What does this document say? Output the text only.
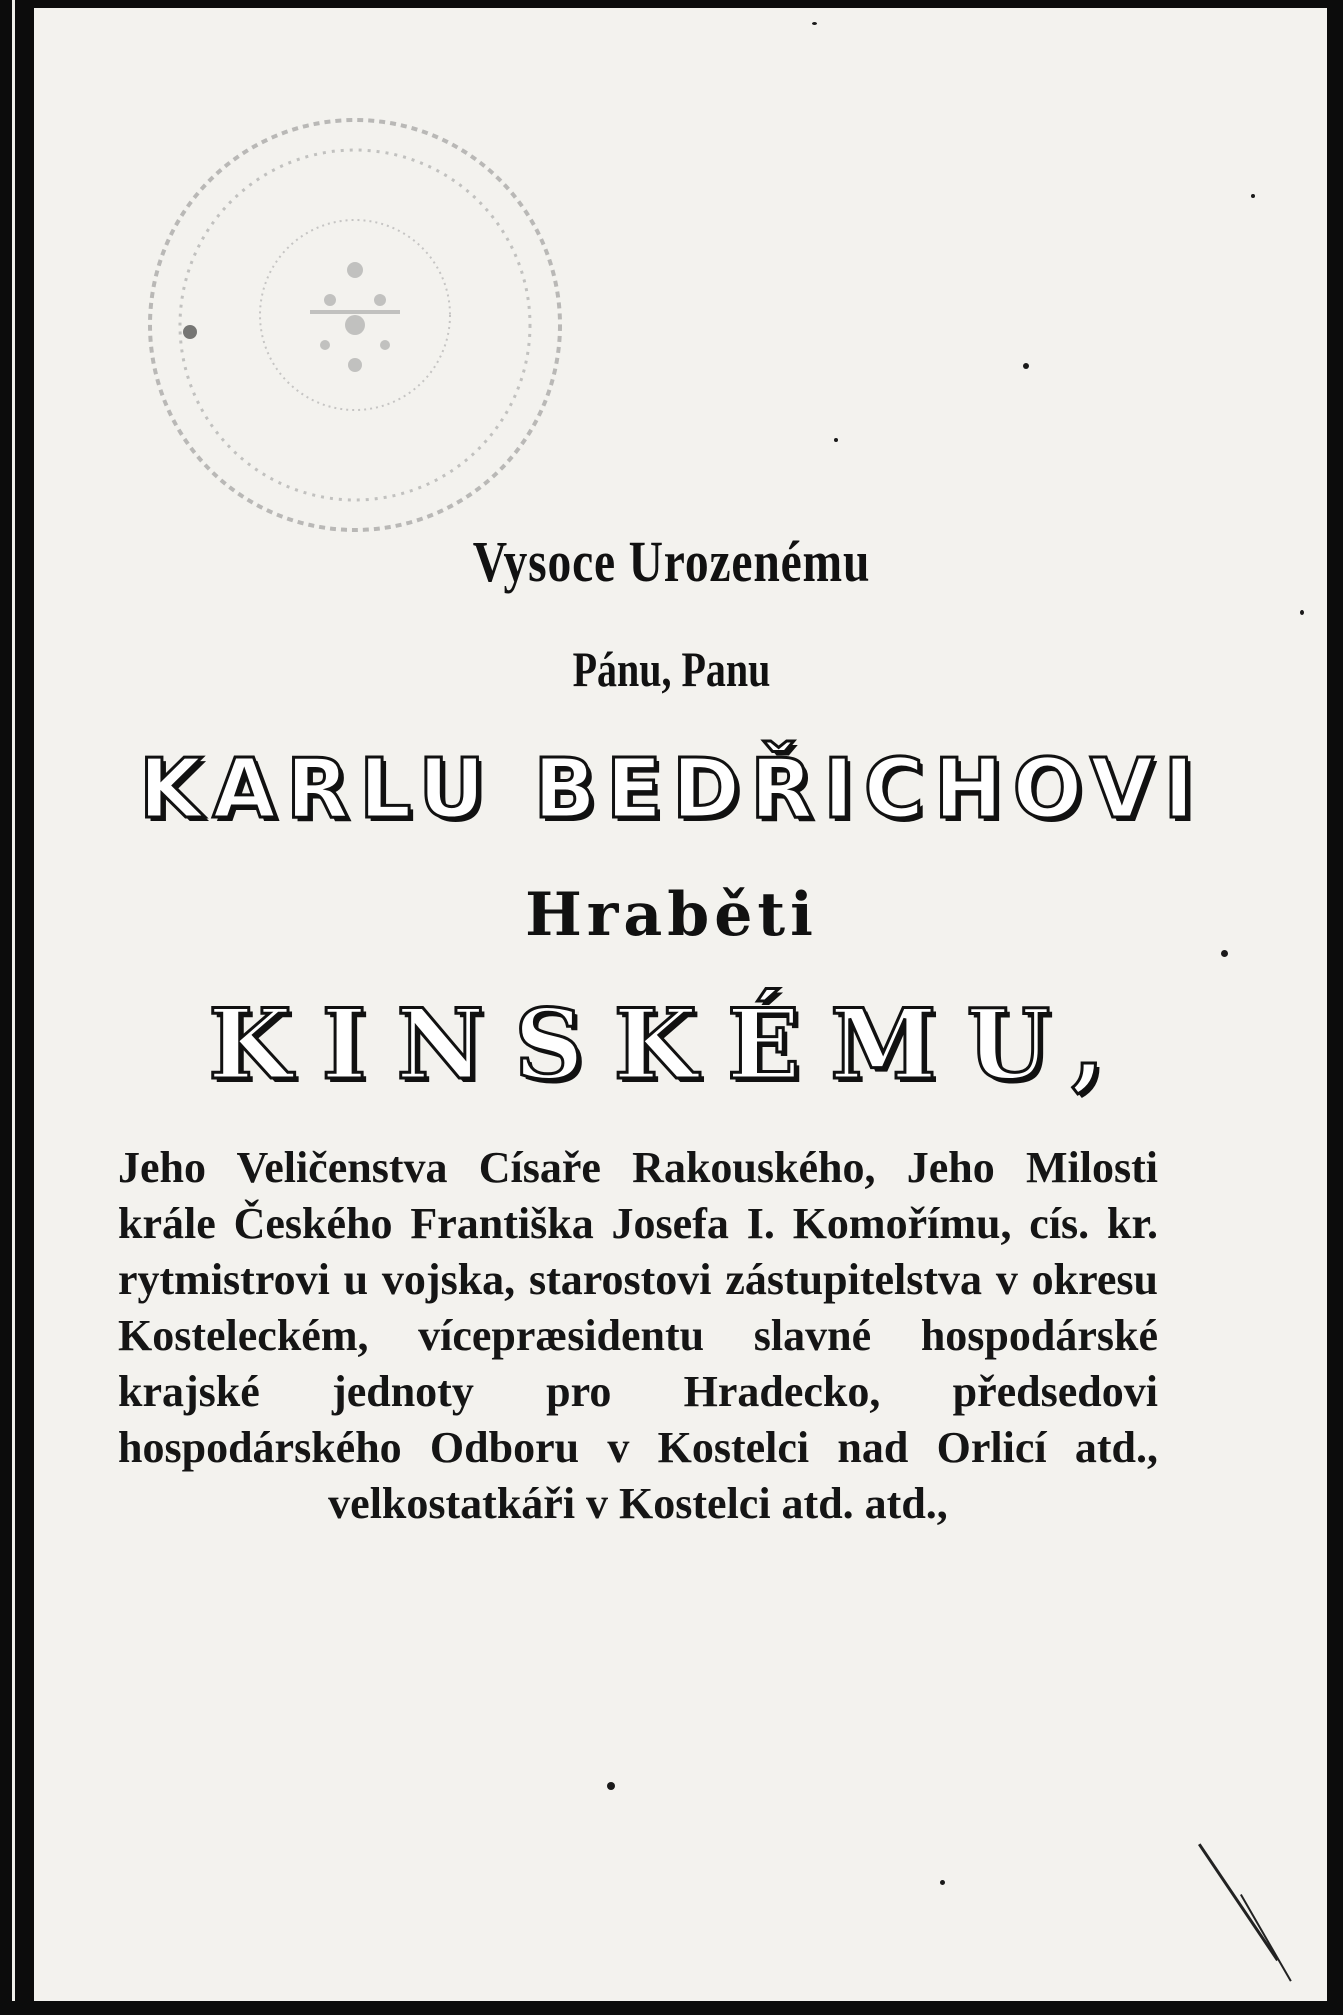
Vysoce Urozenému
Pánu, Panu
KARLU BEDŘICHOVI
Hraběti
KINSKÉMU,
Jeho Veličenstva Císaře Rakouského, Jeho Milosti krále Českého Františka Josefa I. Komořímu, cís. kr. rytmistrovi u vojska, starostovi zástupitelstva v okresu Kosteleckém, vícepræsidentu slavné hospodárské krajské jednoty pro Hradecko, předsedovi hospodárského Odboru v Kostelci nad Orlicí atd., velkostatkáři v Kostelci atd. atd.,
